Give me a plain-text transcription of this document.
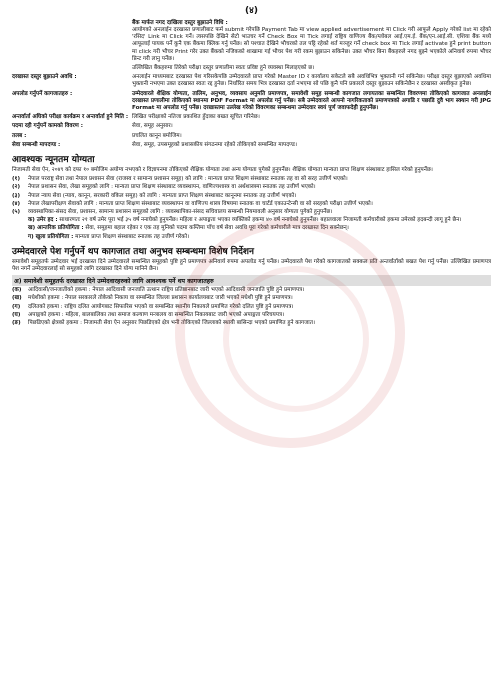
(४)
बैंक मार्फत नगद दाखिला दस्तुर बुझाउने विधि :
आयोगको अनलाईन दरखास्त प्रणालीबाट फर्म submit गरेपछि Payment Tab मा view applied advertisement मा Click गरी आफूले Apply गरेको list मा रहेको 'रसिद' Link मा Click गर्ने। त्यसपछि देखिने सेटो भाउचर गर्ने Check Box मा Tick लगाई राष्ट्रिय वाणिज्य बैंक/ग्लोबल आई.एम.ई. बैंक/एन.आई.सी. एशिया बैंक मध्ये आफूलाई पायक पर्ने कुनै एक बैंकमा क्लिक गर्नु पर्नेछ। सो पश्चात देखिने भौचरको तल पट्टि रहेको शर्त मञ्जुर गर्ने check box मा Tick लगाई activate हुने print button मा click गरी भौचर Print गरेर उक्त बैंकको नजिकको शाखामा गई भौचर पेश गरी रकम बुझाउन सकिनेछ। उक्त भौचर बिना बैंकहरुले नगद बुझ्ने भएकोले अनिवार्य रुपमा भौचर प्रिन्ट गरी लानु पर्नेछ।
उल्लिखित बैंकहरुमा तिरेको परीक्षा दस्तुर प्रणालीमा स्वतः प्रविष्ट हुने व्यवस्था मिलाइएको छ।
दरखास्त दस्तुर बुझाउने अवधि :	अनलाईन माध्यमबाट दरखास्त पेश गरिसकेपछि उम्मेदवारले प्राप्त गरेको Master ID र कार्यालय सकेटले सबै अवधिभित्र भुक्तानी गर्न सकिनेछ। परीक्षा दस्तुर बुझाएको अवधिमा भुक्तानी नभएमा उक्त दरखास्त स्वतः रद्द हुनेछ। निर्धारित समय भित्र दरखास्त दर्ता नभएमा सो पछि कुनै पनि प्रकारले दस्तुर बुझाउन सकिनेछैन र दरखास्त अस्वीकृत हुनेछ।
अपलोड गर्नुपर्ने कागजातहरु :	उम्मेदवारले शैक्षिक योग्यता, तालिम, अनुभव, व्यवसाय अनुमति प्रमाणपत्र, समावेशी समूह सम्बन्धी कागजात लगायतका सम्बन्धित विवरणमा तोकिएको कागजात अनलाईन दरखास्त प्रणालीमा तोकिएको स्थानमा PDF Format मा अपलोड गर्नु पर्नेछ। सबै उम्मेदवारले आफ्नो नागरिकताको प्रमाणपत्रको अगाडि र पछाडि दुवै भाग स्क्यान गरी JPG Format मा अपलोड गर्नु पर्नेछ। दरखास्तमा उल्लेख गरेको विवरणका सम्बन्धमा उम्मेदवार स्वयं पूर्ण जवाफदेही हुनुपर्नेछ।
अन्तर्वार्ता अघिको परीक्षा कार्यक्रम र अन्तर्वार्ता हुने मिति : लिखित परीक्षाको नतिजा प्रकाशित हुँदाका बखत सूचित गरिनेछ।
पदमा रही गर्नुपर्ने कामको विवरण :	सेवा, समूह अनुसार।
तलब :	प्रचलित कानून बमोजिम।
सेवा सम्बन्धी मापदण्ड :	सेवा, समूह, उपसमूहको प्रशासकीय संगठनमा रहेको तोकिएको सम्बन्धित मापदण्ड।
आवश्यक न्यूनतम योग्यता
निजामती सेवा ऐन, २०४९ को दफा १० बमोजिम अयोग्य नभएको र विज्ञापनमा तोकिएको शैक्षिक योग्यता तथा अन्य योग्यता पुगेको हुनुपर्नेछ। शैक्षिक योग्यता मान्यता प्राप्त शिक्षण संस्थाबाट हासिल गरेको हुनुपर्नेछ।
(१)	नेपाल परराष्ट्र सेवा तथा नेपाल प्रशासन सेवा (राजस्व र सामान्य प्रशासन समूह) को लागि : मान्यता प्राप्त शिक्षण संस्थाबाट स्नातक तह वा सो सरह उत्तीर्ण भएको।
(२)	नेपाल प्रशासन सेवा, लेखा समूहको लागि : मान्यता प्राप्त शिक्षण संस्थाबाट व्यवस्थापन, वाणिज्यशास्त्र वा अर्थशास्त्रमा स्नातक तह उत्तीर्ण भएको।
(३)	नेपाल न्याय सेवा (न्याय, कानून, सरकारी वकिल समूह) को लागि : मान्यता प्राप्त शिक्षण संस्थाबाट कानूनमा स्नातक तह उत्तीर्ण भएको।
(४)	नेपाल लेखापरीक्षण सेवाको लागि : मान्यता प्राप्त शिक्षण संस्थाबाट व्यवस्थापन वा वाणिज्य शास्त्र विषयमा स्नातक वा चार्टर्ड एकाउन्टेन्सी वा सो सरहको परीक्षा उत्तीर्ण भएको।
(५)	व्यवस्थापिका-संसद सेवा, प्रशासन, सामान्य प्रशासन समूहको लागि : व्यवस्थापिका-संसद सचिवालय सम्बन्धी नियमावली अनुसार योग्यता पुगेको हुनुपर्नेछ।
क) उमेर हद : साधारणतः २१ वर्ष उमेर पूरा भई ३५ वर्ष ननाघेको हुनुपर्नेछ। महिला र अपाङ्गता भएका व्यक्तिको हकमा ४० वर्ष ननाघेको हुनुपर्नेछ। बहालवाला निजामती कर्मचारीको हकमा उमेरको हदबन्दी लागू हुने छैन।
ख) आन्तरिक प्रतियोगिता : सेवा, समूहमा बहाल रहेका र एक तह मुनिको पदमा कम्तिमा पाँच वर्ष सेवा अवधि पूरा गरेको कर्मचारीले मात्र दरखास्त दिन सक्नेछन्।
ग) खुला प्रतियोगिता : मान्यता प्राप्त शिक्षण संस्थाबाट स्नातक तह उत्तीर्ण गरेको।
उम्मेदवारले पेश गर्नुपर्ने थप कागजात तथा अनुभव सम्बन्धमा विशेष निर्देशन
समावेशी समूहतर्फ उम्मेदवार भई दरखास्त दिने उम्मेदवारले सम्बन्धित समूहको पुष्टि हुने प्रमाणपत्र अनिवार्य रुपमा अपलोड गर्नु पर्नेछ। उम्मेदवारले पेश गरेको कागजातको सक्कल प्रति अन्तर्वार्ताको बखत पेश गर्नु पर्नेछ। उल्लिखित प्रमाणपत्र पेश नगर्ने उम्मेदवारलाई सो समूहको लागि दरखास्त दिने योग्य मानिने छैन।
अ) समावेशी समूहतर्फ दरखास्त दिने उम्मेदवारहरुको लागि आवश्यक पर्ने थप कागजातहरु
(क)	आदिवासी/जनजातीको हकमा : नेपाल आदिवासी जनजाति उत्थान राष्ट्रिय प्रतिष्ठानबाट जारी भएको आदिवासी जनजाति पुष्टि हुने प्रमाणपत्र।
(ख)	मधेशीको हकमा : नेपाल सरकारले तोकेको निकाय वा सम्बन्धित जिल्ला प्रशासन कार्यालयबाट जारी भएको मधेशी पुष्टि हुने प्रमाणपत्र।
(ग)	दलितको हकमा : राष्ट्रिय दलित आयोगबाट सिफारिस भएको वा सम्बन्धित स्थानीय निकायले प्रमाणित गरेको दलित पुष्टि हुने प्रमाणपत्र।
(घ)	अपाङ्गको हकमा : महिला, बालबालिका तथा समाज कल्याण मन्त्रालय वा सम्बन्धित निकायबाट जारी भएको अपाङ्गता परिचयपत्र।
(ङ)	पिछडिएको क्षेत्रको हकमा : निजामती सेवा ऐन अनुसार पिछडिएको क्षेत्र भनी तोकिएको जिल्लाको स्थायी बासिन्दा भएको प्रमाणित हुने कागजात।
